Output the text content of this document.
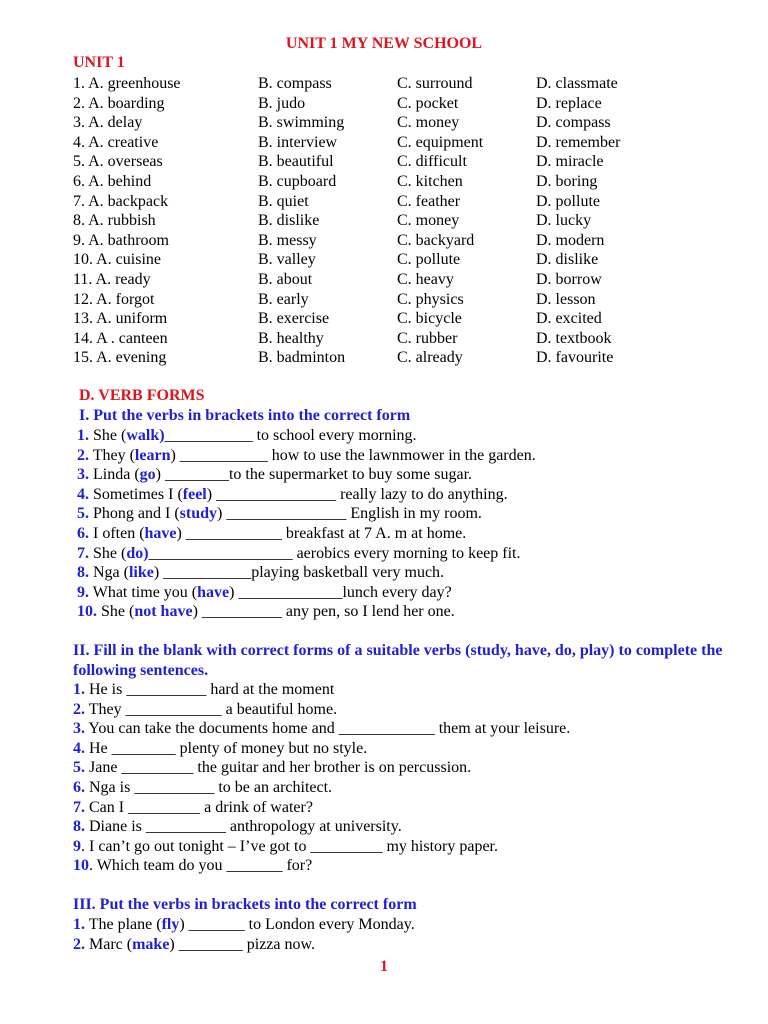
UNIT 1 MY NEW SCHOOL
UNIT 1
1. A. greenhouse	B. compass	C. surround	D. classmate
2. A. boarding	B. judo	C. pocket	D. replace
3. A. delay	B. swimming	C. money	D. compass
4. A. creative	B. interview	C. equipment	D. remember
5. A. overseas	B. beautiful	C. difficult	D. miracle
6. A. behind	B. cupboard	C. kitchen	D. boring
7. A. backpack	B. quiet	C. feather	D. pollute
8. A. rubbish	B. dislike	C. money	D. lucky
9. A. bathroom	B. messy	C. backyard	D. modern
10. A. cuisine	B. valley	C. pollute	D. dislike
11. A. ready	B. about	C. heavy	D. borrow
12. A. forgot	B. early	C. physics	D. lesson
13. A. uniform	B. exercise	C. bicycle	D. excited
14. A . canteen	B. healthy	C. rubber	D. textbook
15. A. evening	B. badminton	C. already	D. favourite
D. VERB FORMS
I. Put the verbs in brackets into the correct form
1. She (walk)___________ to school every morning.
2. They (learn) ___________ how to use the lawnmower in the garden.
3. Linda (go) ________to the supermarket to buy some sugar.
4. Sometimes I (feel) _______________ really lazy to do anything.
5. Phong and I (study) _______________ English in my room.
6. I often (have) ____________ breakfast at 7 A. m at home.
7. She (do)__________________ aerobics every morning to keep fit.
8. Nga (like) ___________playing basketball very much.
9. What time you (have) _____________lunch every day?
10. She (not have) __________ any pen, so I lend her one.
II. Fill in the blank with correct forms of a suitable verbs (study, have, do, play) to complete the following sentences.
1. He is __________ hard at the moment
2. They ____________ a beautiful home.
3. You can take the documents home and ____________ them at your leisure.
4. He ________ plenty of money but no style.
5. Jane _________ the guitar and her brother is on percussion.
6. Nga is __________ to be an architect.
7. Can I _________ a drink of water?
8. Diane is __________ anthropology at university.
9. I can’t go out tonight – I’ve got to _________ my history paper.
10. Which team do you _______ for?
III. Put the verbs in brackets into the correct form
1. The plane (fly) _______ to London every Monday.
2. Marc (make) ________ pizza now.
1
